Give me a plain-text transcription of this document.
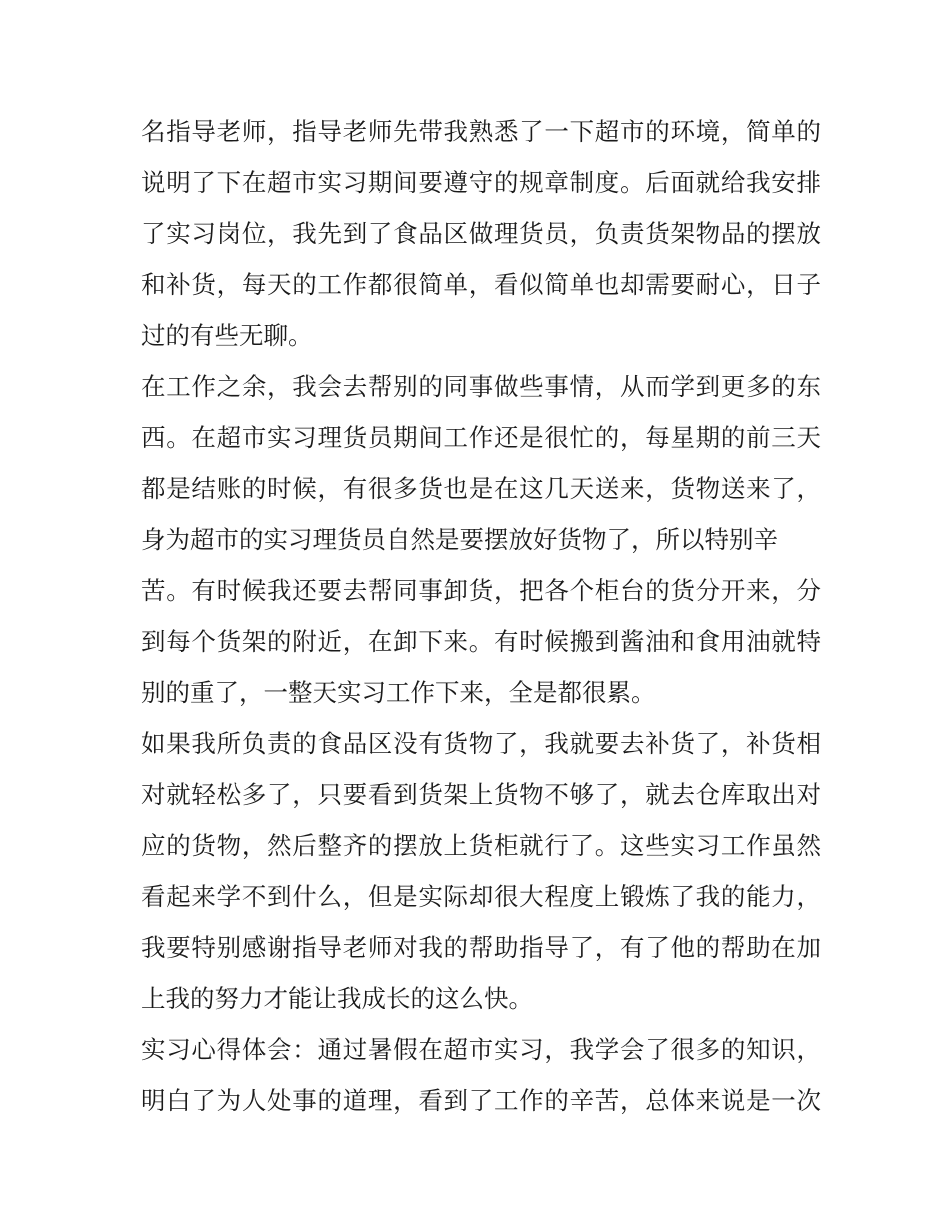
名指导老师，指导老师先带我熟悉了一下超市的环境，简单的
说明了下在超市实习期间要遵守的规章制度。后面就给我安排
了实习岗位，我先到了食品区做理货员，负责货架物品的摆放
和补货，每天的工作都很简单，看似简单也却需要耐心，日子
过的有些无聊。
在工作之余，我会去帮别的同事做些事情，从而学到更多的东
西。在超市实习理货员期间工作还是很忙的，每星期的前三天
都是结账的时候，有很多货也是在这几天送来，货物送来了，
身为超市的实习理货员自然是要摆放好货物了，所以特别辛
苦。有时候我还要去帮同事卸货，把各个柜台的货分开来，分
到每个货架的附近，在卸下来。有时候搬到酱油和食用油就特
别的重了，一整天实习工作下来，全是都很累。
如果我所负责的食品区没有货物了，我就要去补货了，补货相
对就轻松多了，只要看到货架上货物不够了，就去仓库取出对
应的货物，然后整齐的摆放上货柜就行了。这些实习工作虽然
看起来学不到什么，但是实际却很大程度上锻炼了我的能力，
我要特别感谢指导老师对我的帮助指导了，有了他的帮助在加
上我的努力才能让我成长的这么快。
实习心得体会：通过暑假在超市实习，我学会了很多的知识，
明白了为人处事的道理，看到了工作的辛苦，总体来说是一次
